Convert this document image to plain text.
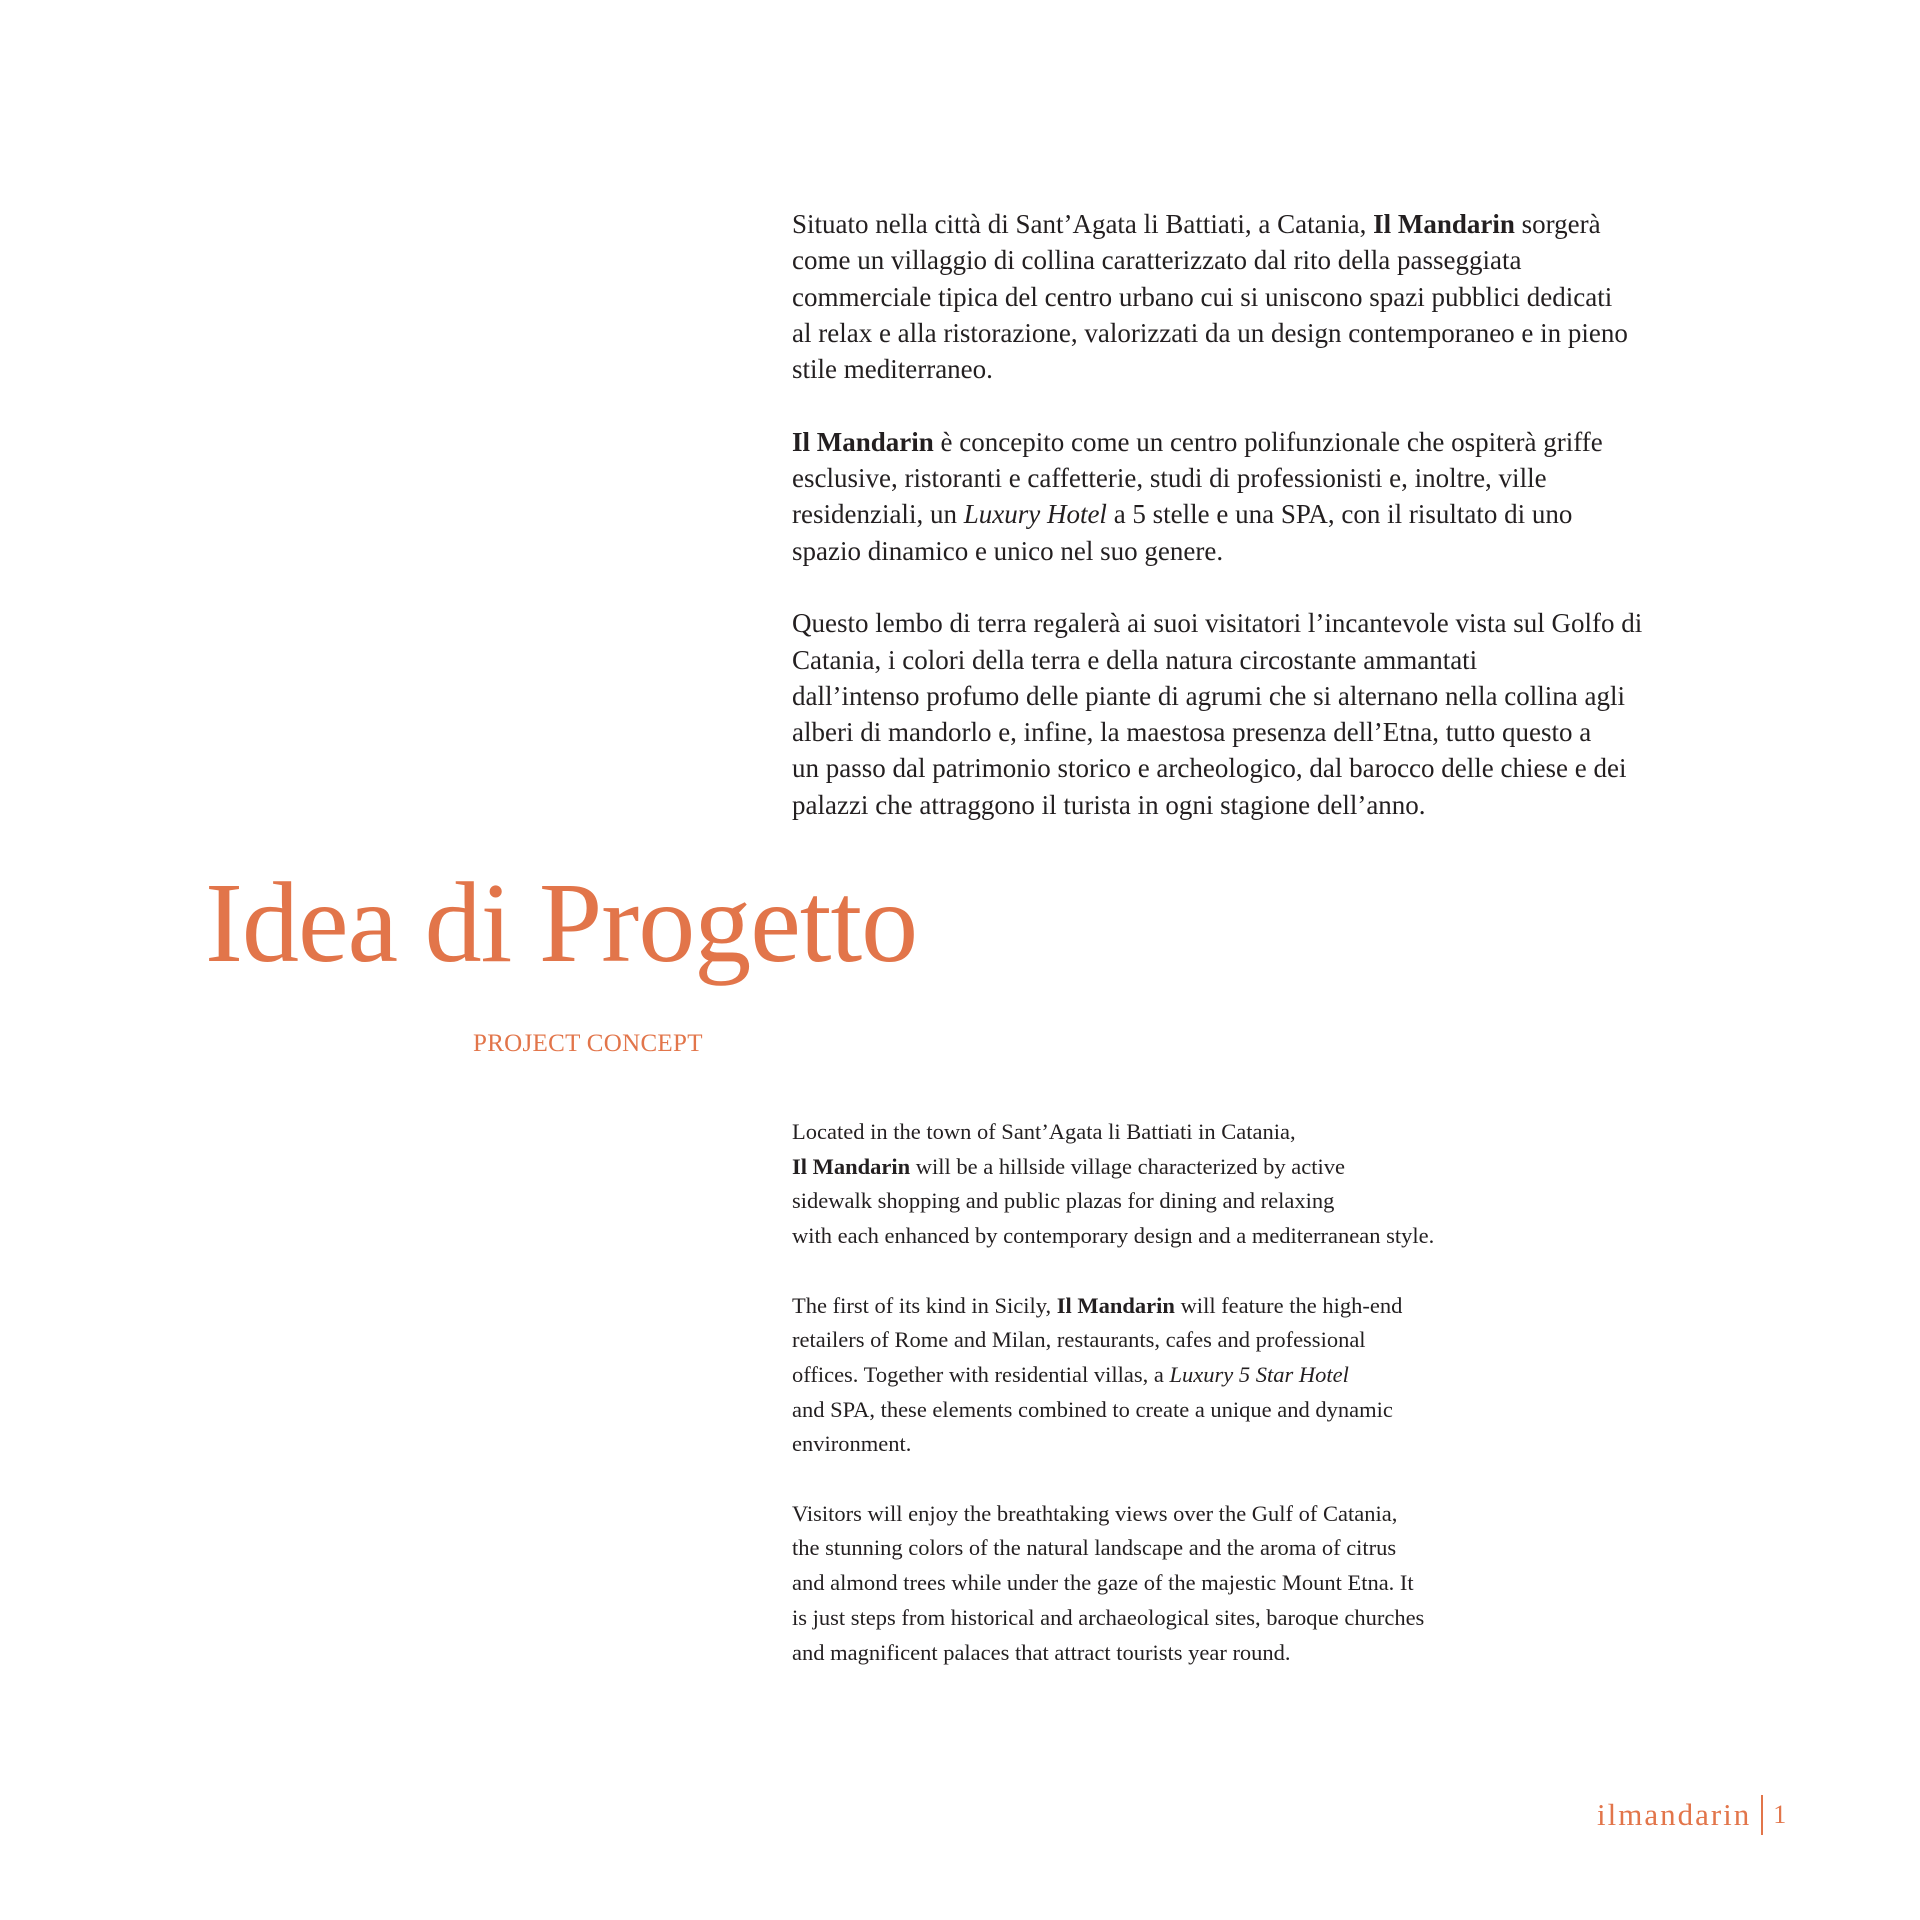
Situato nella città di Sant’Agata li Battiati, a Catania, Il Mandarin sorgerà
come un villaggio di collina caratterizzato dal rito della passeggiata
commerciale tipica del centro urbano cui si uniscono spazi pubblici dedicati
al relax e alla ristorazione, valorizzati da un design contemporaneo e in pieno
stile mediterraneo.

Il Mandarin è concepito come un centro polifunzionale che ospiterà griffe
esclusive, ristoranti e caffetterie, studi di professionisti e, inoltre, ville
residenziali, un Luxury Hotel a 5 stelle e una SPA, con il risultato di uno
spazio dinamico e unico nel suo genere.

Questo lembo di terra regalerà ai suoi visitatori l’incantevole vista sul Golfo di
Catania, i colori della terra e della natura circostante ammantati
dall’intenso profumo delle piante di agrumi che si alternano nella collina agli
alberi di mandorlo e, infine, la maestosa presenza dell’Etna, tutto questo a
un passo dal patrimonio storico e archeologico, dal barocco delle chiese e dei
palazzi che attraggono il turista in ogni stagione dell’anno.

Idea di Progetto
PROJECT CONCEPT

Located in the town of Sant’Agata li Battiati in Catania,
Il Mandarin will be a hillside village characterized by active
sidewalk shopping and public plazas for dining and relaxing
with each enhanced by contemporary design and a mediterranean style.

The first of its kind in Sicily, Il Mandarin will feature the high-end
retailers of Rome and Milan, restaurants, cafes and professional
offices. Together with residential villas, a Luxury 5 Star Hotel
and SPA, these elements combined to create a unique and dynamic
environment.

Visitors will enjoy the breathtaking views over the Gulf of Catania,
the stunning colors of the natural landscape and the aroma of citrus
and almond trees while under the gaze of the majestic Mount Etna. It
is just steps from historical and archaeological sites, baroque churches
and magnificent palaces that attract tourists year round.

ilmandarin 1
